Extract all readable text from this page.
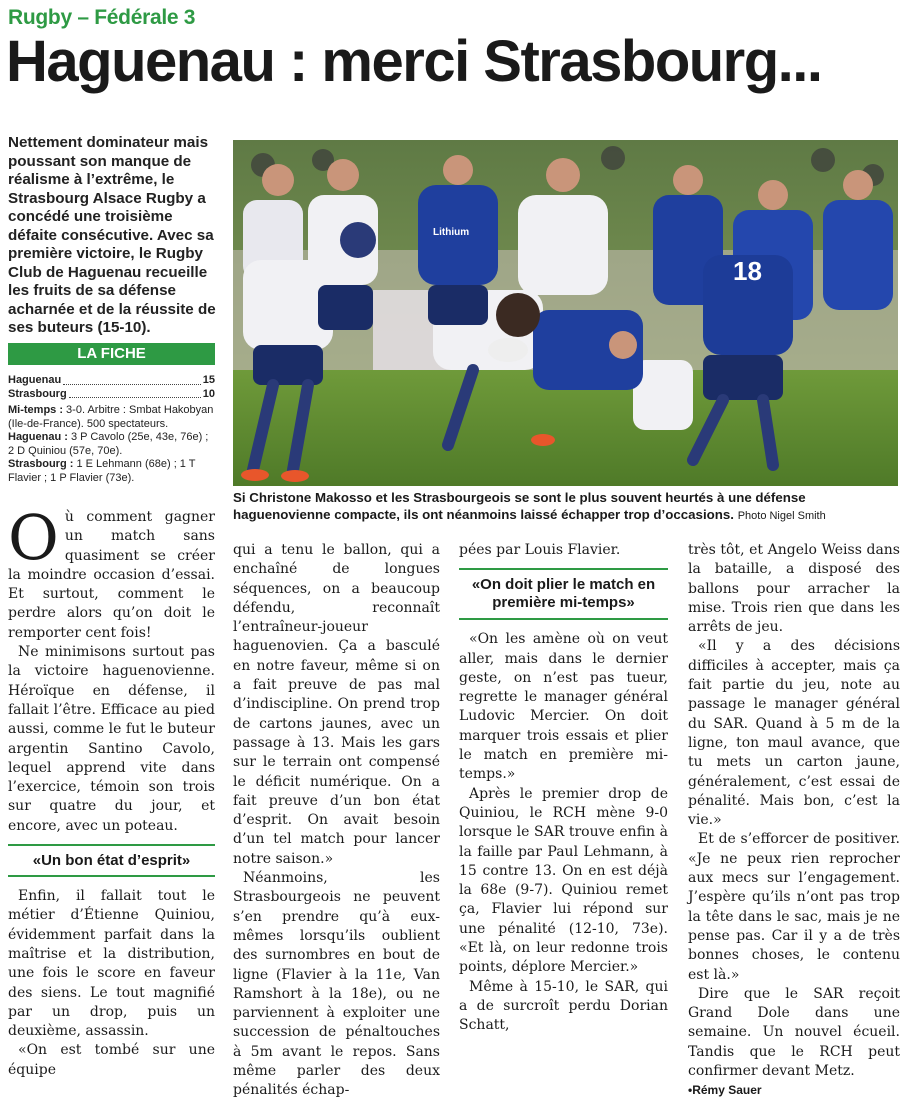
Rugby – Fédérale 3
Haguenau : merci Strasbourg...
Nettement dominateur mais poussant son manque de réalisme à l’extrême, le Strasbourg Alsace Rugby a concédé une troisième défaite consécutive. Avec sa première victoire, le Rugby Club de Haguenau recueille les fruits de sa défense acharnée et de la réussite de ses buteurs (15-10).
LA FICHE
Haguenau	15
Strasbourg	10

Mi-temps : 3-0. Arbitre : Smbat Hakobyan (Ile-de-France). 500 spectateurs.

Haguenau : 3 P Cavolo (25e, 43e, 76e) ; 2 D Quiniou (57e, 70e).

Strasbourg : 1 E Lehmann (68e) ; 1 T Flavier ; 1 P Flavier (73e).

18
Lithium
Si Christone Makosso et les Strasbourgeois se sont le plus souvent heurtés à une défense haguenovienne compacte, ils ont néanmoins laissé échapper trop d’occasions. Photo Nigel Smith

Où comment gagner un match sans quasiment se créer la moindre occasion d’essai. Et surtout, comment le perdre alors qu’on doit le remporter cent fois!

Ne minimisons surtout pas la victoire haguenovienne. Héroïque en défense, il fallait l’être. Efficace au pied aussi, comme le fut le buteur argentin Santino Cavolo, lequel apprend vite dans l’exercice, témoin son trois sur quatre du jour, et encore, avec un poteau.

«Un bon état d’esprit»

Enfin, il fallait tout le métier d’Étienne Quiniou, évidemment parfait dans la maîtrise et la distribution, une fois le score en faveur des siens. Le tout magnifié par un drop, puis un deuxième, assassin.

«On est tombé sur une équipe

qui a tenu le ballon, qui a enchaîné de longues séquences, on a beaucoup défendu, reconnaît l’entraîneur-joueur haguenovien. Ça a basculé en notre faveur, même si on a fait preuve de pas mal d’indiscipline. On prend trop de cartons jaunes, avec un passage à 13. Mais les gars sur le terrain ont compensé le déficit numérique. On a fait preuve d’un bon état d’esprit. On avait besoin d’un tel match pour lancer notre saison.»

Néanmoins, les Strasbourgeois ne peuvent s’en prendre qu’à eux-mêmes lorsqu’ils oublient des surnombres en bout de ligne (Flavier à la 11e, Van Ramshort à la 18e), ou ne parviennent à exploiter une succession de pénaltouches à 5m avant le repos. Sans même parler des deux pénalités échap-

pées par Louis Flavier.

«On doit plier le match en première mi-temps»

«On les amène où on veut aller, mais dans le dernier geste, on n’est pas tueur, regrette le manager général Ludovic Mercier. On doit marquer trois essais et plier le match en première mi-temps.»

Après le premier drop de Quiniou, le RCH mène 9-0 lorsque le SAR trouve enfin à la faille par Paul Lehmann, à 15 contre 13. On en est déjà la 68e (9-7). Quiniou remet ça, Flavier lui répond sur une pénalité (12-10, 73e). «Et là, on leur redonne trois points, déplore Mercier.»

Même à 15-10, le SAR, qui a de surcroît perdu Dorian Schatt,

très tôt, et Angelo Weiss dans la bataille, a disposé des ballons pour arracher la mise. Trois rien que dans les arrêts de jeu.

«Il y a des décisions difficiles à accepter, mais ça fait partie du jeu, note au passage le manager général du SAR. Quand à 5 m de la ligne, ton maul avance, que tu mets un carton jaune, généralement, c’est essai de pénalité. Mais bon, c’est la vie.»

Et de s’efforcer de positiver. «Je ne peux rien reprocher aux mecs sur l’engagement. J’espère qu’ils n’ont pas trop la tête dans le sac, mais je ne pense pas. Car il y a de très bonnes choses, le contenu est là.»

Dire que le SAR reçoit Grand Dole dans une semaine. Un nouvel écueil. Tandis que le RCH peut confirmer devant Metz.

•Rémy Sauer
